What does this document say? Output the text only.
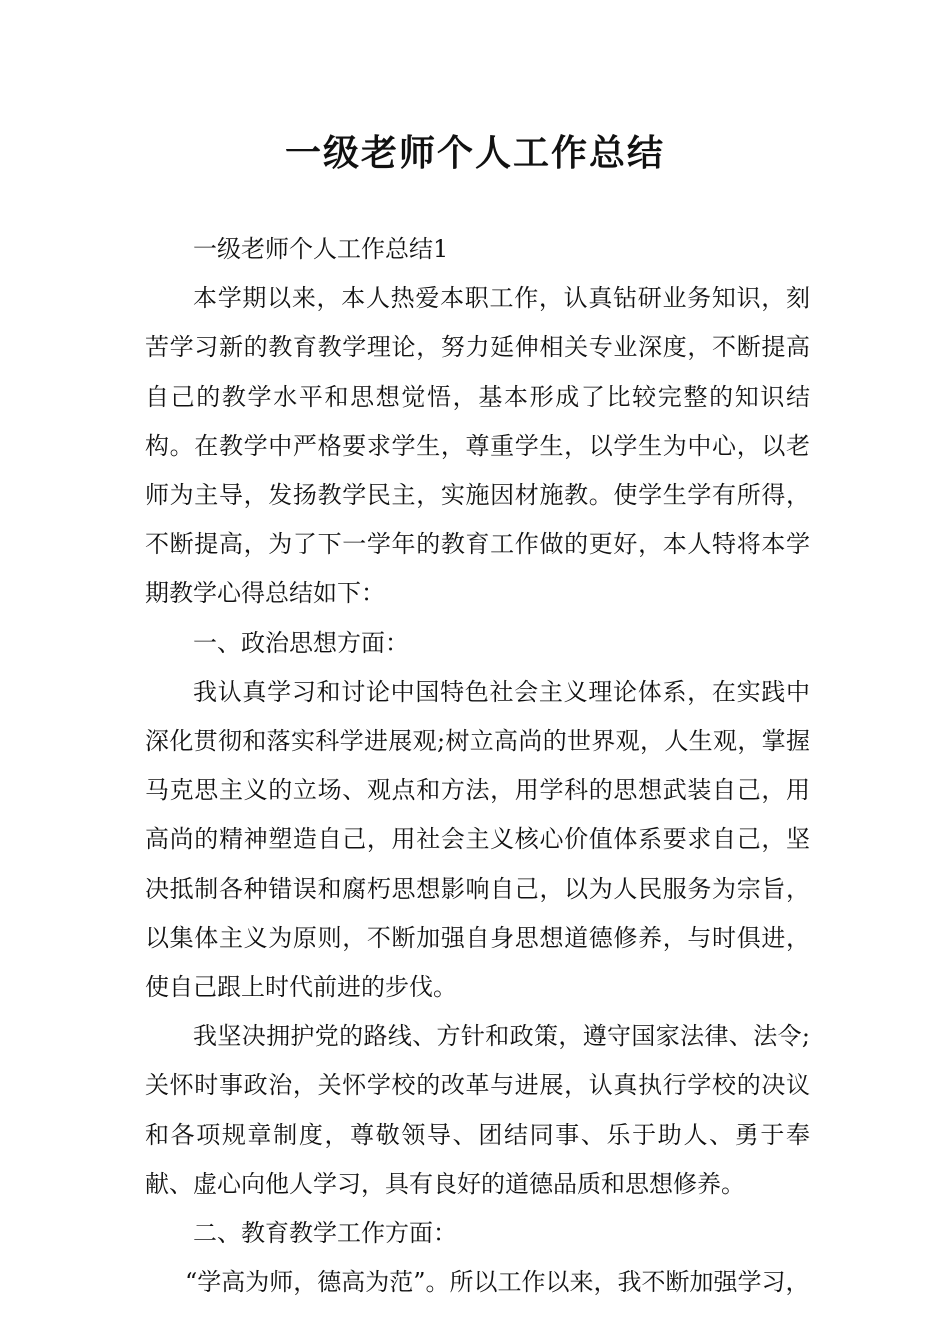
一级老师个人工作总结

一级老师个人工作总结1

本学期以来，本人热爱本职工作，认真钻研业务知识，刻苦学习新的教育教学理论，努力延伸相关专业深度，不断提高自己的教学水平和思想觉悟，基本形成了比较完整的知识结构。在教学中严格要求学生，尊重学生，以学生为中心，以老师为主导，发扬教学民主，实施因材施教。使学生学有所得，不断提高，为了下一学年的教育工作做的更好，本人特将本学期教学心得总结如下：

一、政治思想方面：

我认真学习和讨论中国特色社会主义理论体系，在实践中深化贯彻和落实科学进展观;树立高尚的世界观，人生观，掌握马克思主义的立场、观点和方法，用学科的思想武装自己，用高尚的精神塑造自己，用社会主义核心价值体系要求自己，坚决抵制各种错误和腐朽思想影响自己，以为人民服务为宗旨，以集体主义为原则，不断加强自身思想道德修养，与时俱进，使自己跟上时代前进的步伐。

我坚决拥护党的路线、方针和政策，遵守国家法律、法令;关怀时事政治，关怀学校的改革与进展，认真执行学校的决议和各项规章制度，尊敬领导、团结同事、乐于助人、勇于奉献、虚心向他人学习，具有良好的道德品质和思想修养。

二、教育教学工作方面：

“学高为师，德高为范”。所以工作以来，我不断加强学习，
